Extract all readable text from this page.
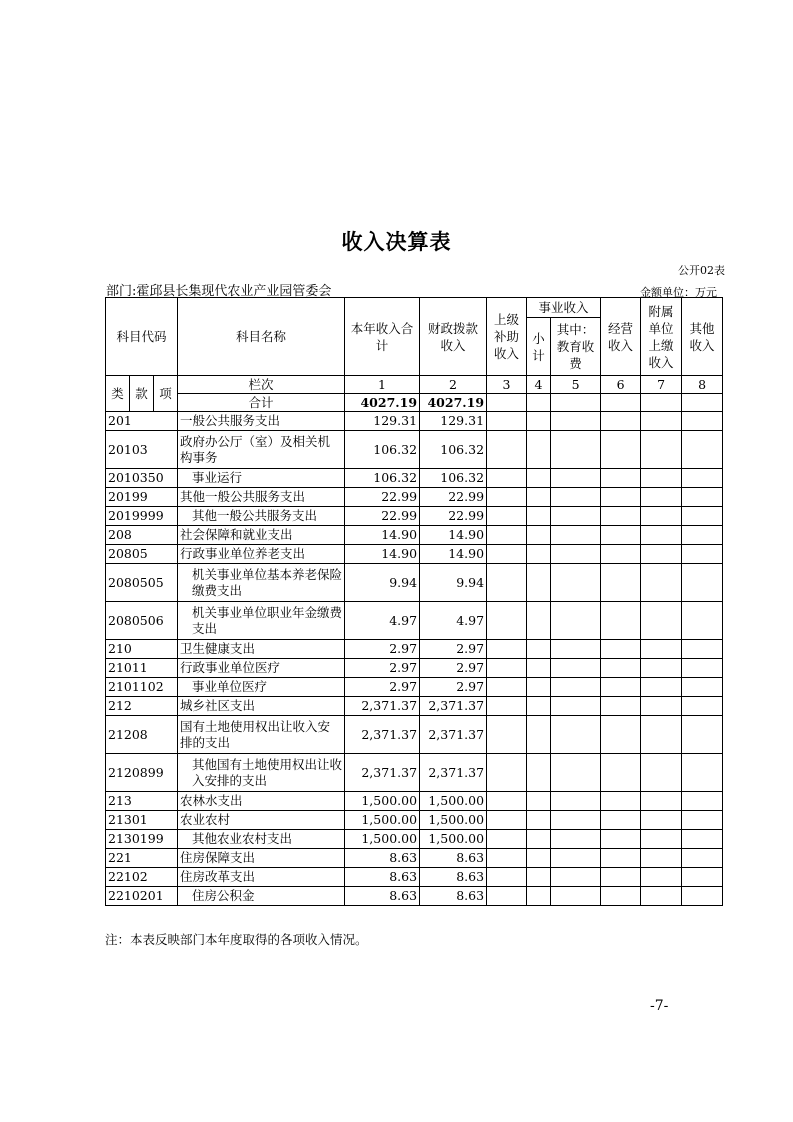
收入决算表
公开02表
部门:霍邱县长集现代农业产业园管委会	金额单位：万元
科目代码			科目名称	本年收入合计	财政拨款收入	上级补助收入	事业收入		经营收入	附属单位上缴收入	其他收入
							小计	其中：教育收费			

类	款	项	栏次	1	2	3	4	5	6	7	8
			合计	4027.19	4027.19						
201			一般公共服务支出	129.31	129.31						
20103			政府办公厅（室）及相关机构事务	106.32	106.32						
2010350			事业运行	106.32	106.32						
20199			其他一般公共服务支出	22.99	22.99						
2019999			其他一般公共服务支出	22.99	22.99						
208			社会保障和就业支出	14.90	14.90						
20805			行政事业单位养老支出	14.90	14.90						
2080505			机关事业单位基本养老保险缴费支出	9.94	9.94						
2080506			机关事业单位职业年金缴费支出	4.97	4.97						
210			卫生健康支出	2.97	2.97						
21011			行政事业单位医疗	2.97	2.97						
2101102			事业单位医疗	2.97	2.97						
212			城乡社区支出	2,371.37	2,371.37						
21208			国有土地使用权出让收入安排的支出	2,371.37	2,371.37						
2120899			其他国有土地使用权出让收入安排的支出	2,371.37	2,371.37						
213			农林水支出	1,500.00	1,500.00						
21301			农业农村	1,500.00	1,500.00						
2130199			其他农业农村支出	1,500.00	1,500.00						
221			住房保障支出	8.63	8.63						
22102			住房改革支出	8.63	8.63						
2210201			住房公积金	8.63	8.63						
注：本表反映部门本年度取得的各项收入情况。
-7-
